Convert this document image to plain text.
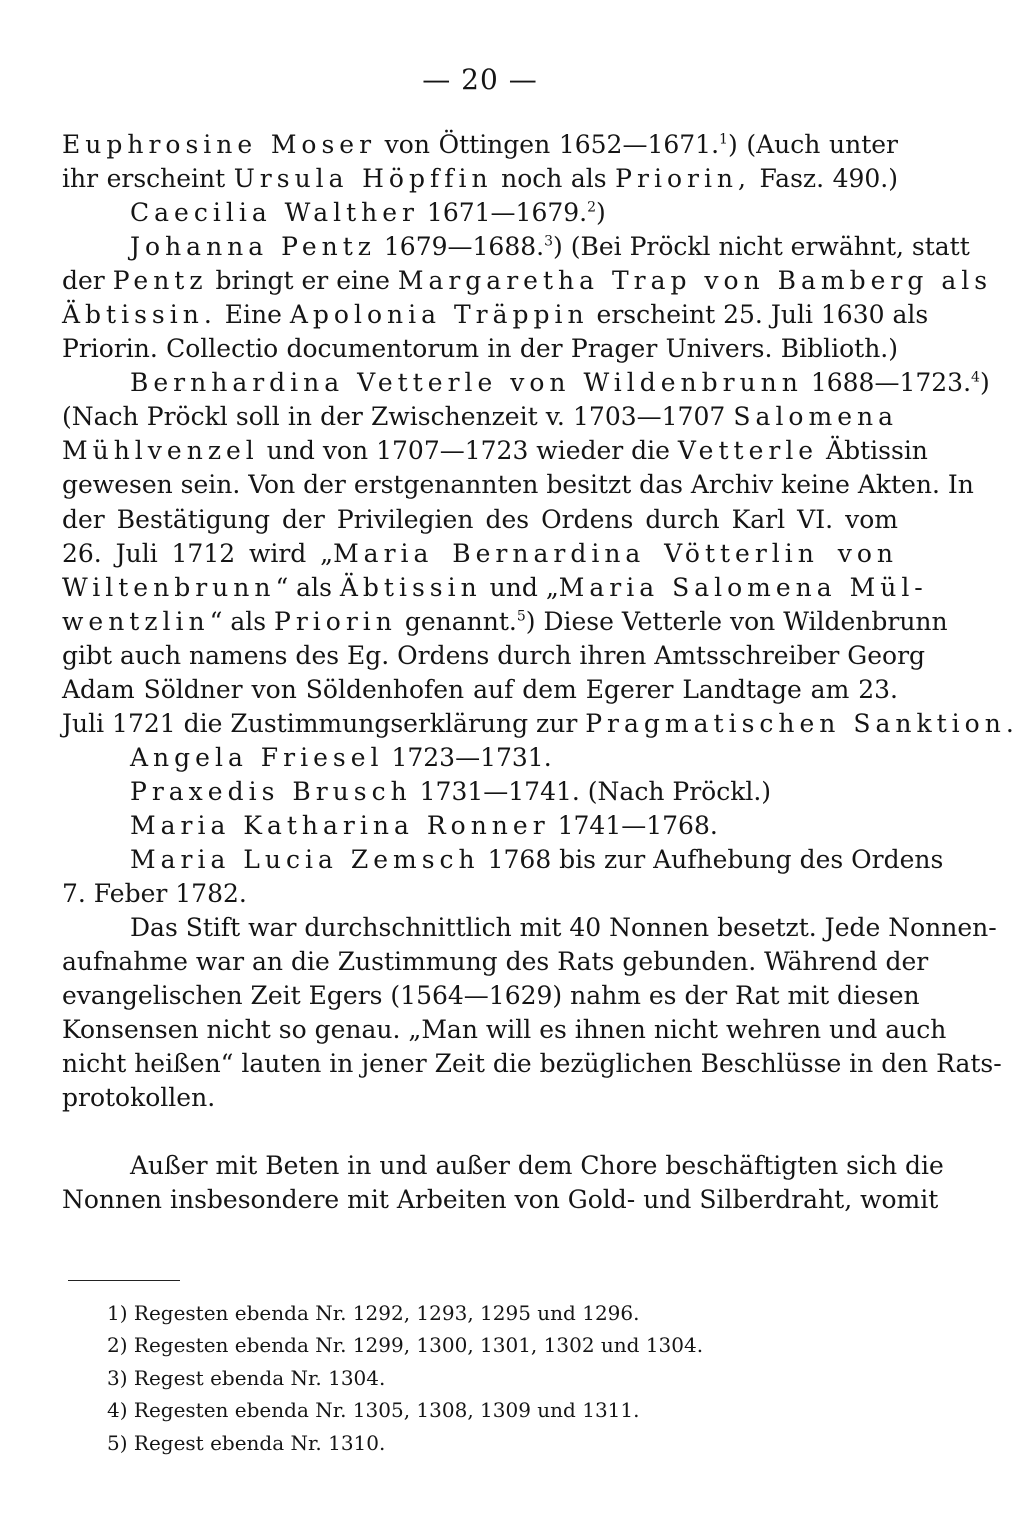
— 20 —
Euphrosine Moser von Öttingen 1652—1671.$^1$) (Auch unter
ihr erscheint Ursula Höpffin noch als Priorin, Fasz. 490.)
Caecilia Walther 1671—1679.$^2$)
Johanna Pentz 1679—1688.$^3$) (Bei Pröckl nicht erwähnt, statt
der Pentz bringt er eine Margaretha Trap von Bamberg als
Äbtissin. Eine Apolonia Träppin erscheint 25. Juli 1630 als
Priorin. Collectio documentorum in der Prager Univers. Biblioth.)
Bernhardina Vetterle von Wildenbrunn 1688—1723.$^4$)
(Nach Pröckl soll in der Zwischenzeit v. 1703—1707 Salomena
Mühlvenzel und von 1707—1723 wieder die Vetterle Äbtissin
gewesen sein. Von der erstgenannten besitzt das Archiv keine Akten. In
der Bestätigung der Privilegien des Ordens durch Karl VI. vom
26. Juli 1712 wird „Maria Bernardina Vötterlin von
Wiltenbrunn“ als Äbtissin und „Maria Salomena Mül-
wentzlin“ als Priorin genannt.$^5$) Diese Vetterle von Wildenbrunn
gibt auch namens des Eg. Ordens durch ihren Amtsschreiber Georg
Adam Söldner von Söldenhofen auf dem Egerer Landtage am 23.
Juli 1721 die Zustimmungserklärung zur Pragmatischen Sanktion.
Angela Friesel 1723—1731.
Praxedis Brusch 1731—1741. (Nach Pröckl.)
Maria Katharina Ronner 1741—1768.
Maria Lucia Zemsch 1768 bis zur Aufhebung des Ordens
7. Feber 1782.
Das Stift war durchschnittlich mit 40 Nonnen besetzt. Jede Nonnen-
aufnahme war an die Zustimmung des Rats gebunden. Während der
evangelischen Zeit Egers (1564—1629) nahm es der Rat mit diesen
Konsensen nicht so genau. „Man will es ihnen nicht wehren und auch
nicht heißen“ lauten in jener Zeit die bezüglichen Beschlüsse in den Rats-
protokollen.
Außer mit Beten in und außer dem Chore beschäftigten sich die
Nonnen insbesondere mit Arbeiten von Gold- und Silberdraht, womit
1) Regesten ebenda Nr. 1292, 1293, 1295 und 1296.
2) Regesten ebenda Nr. 1299, 1300, 1301, 1302 und 1304.
3) Regest ebenda Nr. 1304.
4) Regesten ebenda Nr. 1305, 1308, 1309 und 1311.
5) Regest ebenda Nr. 1310.
